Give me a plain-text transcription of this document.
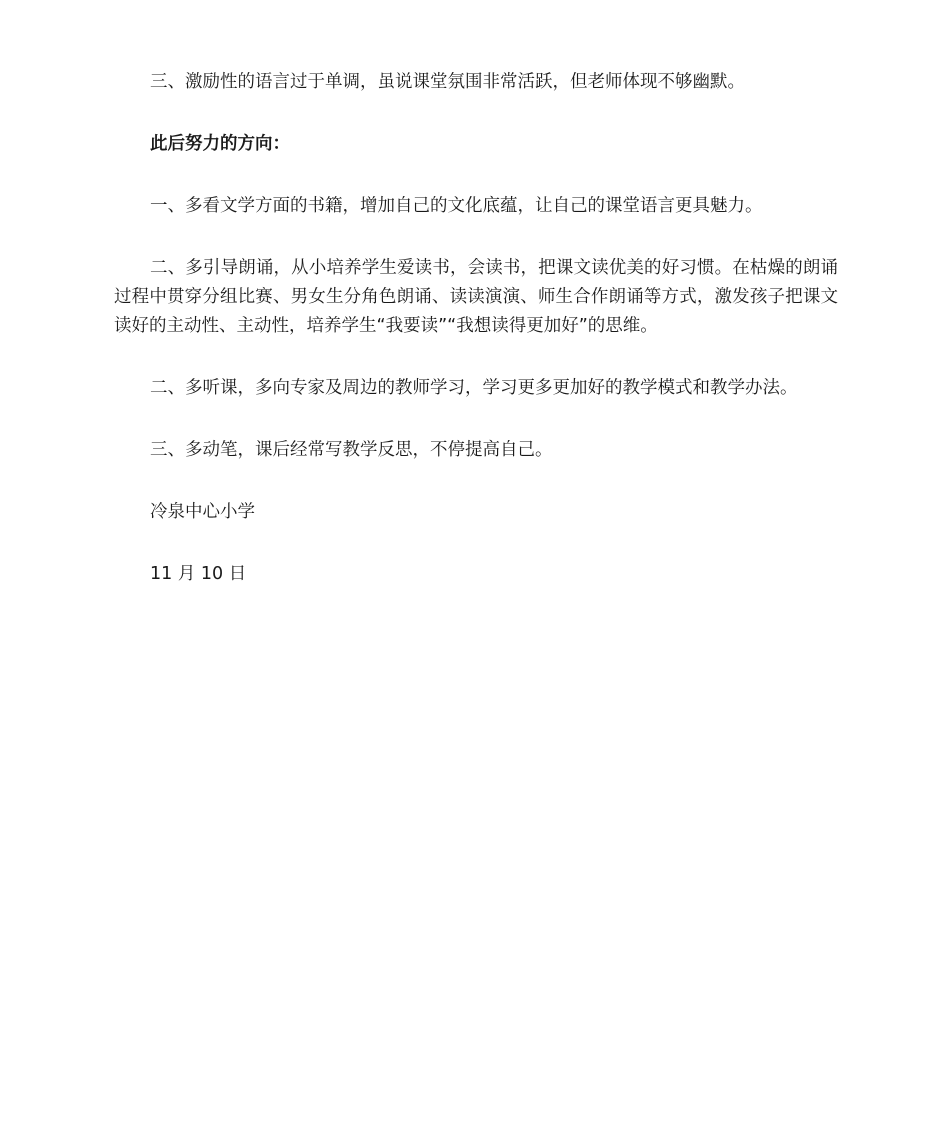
三、激励性的语言过于单调，虽说课堂氛围非常活跃，但老师体现不够幽默。

此后努力的方向：

一、多看文学方面的书籍，增加自己的文化底蕴，让自己的课堂语言更具魅力。

二、多引导朗诵，从小培养学生爱读书，会读书，把课文读优美的好习惯。在枯燥的朗诵过程中贯穿分组比赛、男女生分角色朗诵、读读演演、师生合作朗诵等方式，激发孩子把课文读好的主动性、主动性，培养学生“我要读”“我想读得更加好”的思维。

二、多听课，多向专家及周边的教师学习，学习更多更加好的教学模式和教学办法。

三、多动笔，课后经常写教学反思，不停提高自己。

冷泉中心小学

11 月 10 日
